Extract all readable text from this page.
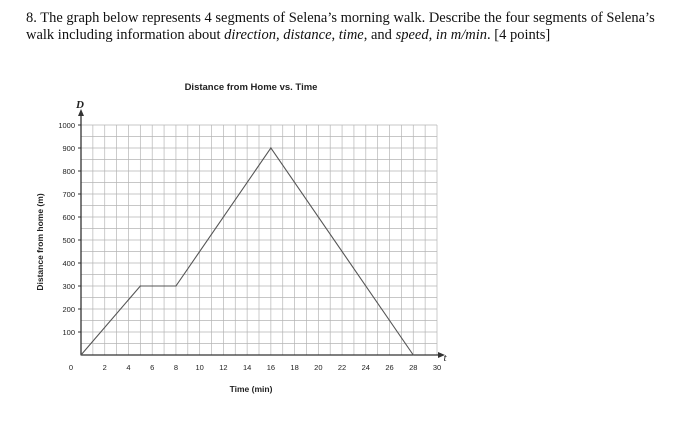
8. The graph below represents 4 segments of Selena’s morning walk. Describe the four segments of Selena’s walk including information about direction, distance, time, and speed, in m/min. [4 points]
100
200
300
400
500
600
700
800
900
1000
0	2	4	6	8 10 12 14 16 18 20 22 24 26 28 30
Distance from Home vs. Time
D
t
Time (min)
Distance from home (m)
